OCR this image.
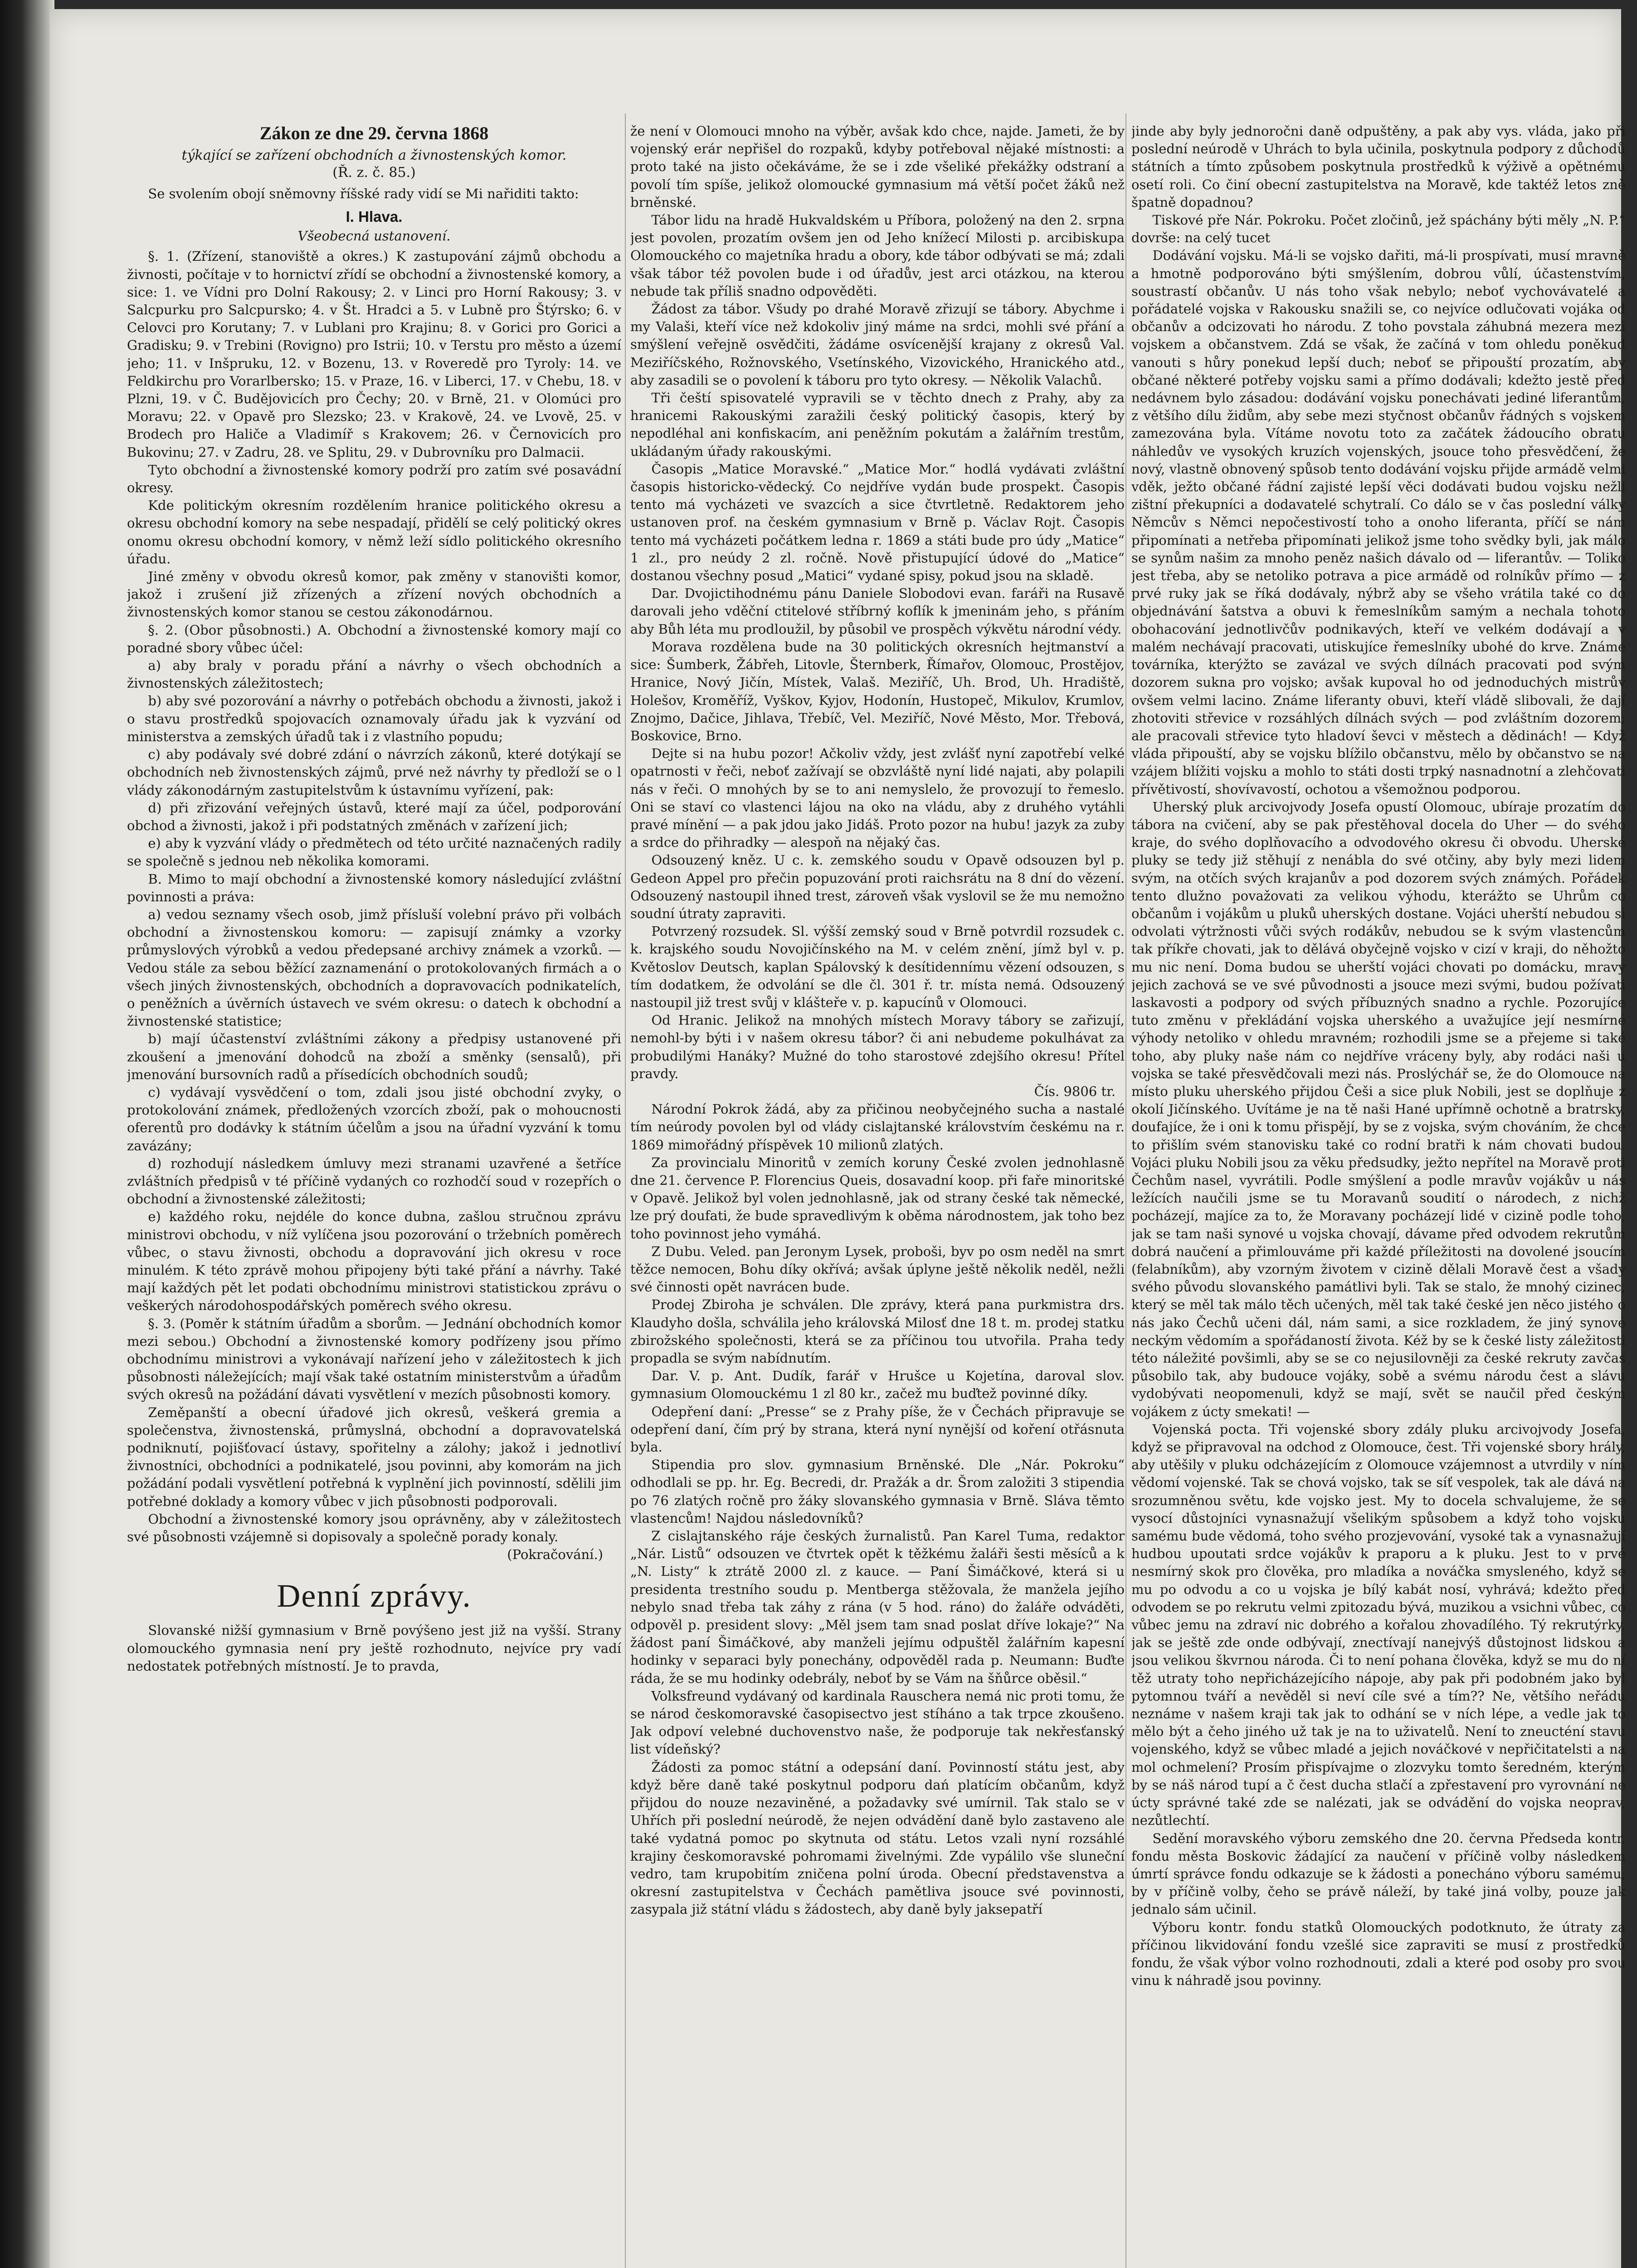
Zákon ze dne 29. června 1868
týkající se zařízení obchodních a živnostenských komor.
(Ř. z. č. 85.)

Se svolením obojí sněmovny říšské rady vidí se Mi nařiditi takto:

I. Hlava.
Všeobecná ustanovení.

§. 1. (Zřízení, stanoviště a okres.) K zastupování zájmů obchodu a živnosti, počítaje v to hornictví zřídí se obchodní a živnostenské komory, a sice: 1. ve Vídni pro Dolní Rakousy; 2. v Linci pro Horní Rakousy; 3. v Salcpurku pro Salcpursko; 4. v Št. Hradci a 5. v Lubně pro Štýrsko; 6. v Celovci pro Korutany; 7. v Lublani pro Krajinu; 8. v Gorici pro Gorici a Gradisku; 9. v Trebini (Rovigno) pro Istrii; 10. v Terstu pro město a území jeho; 11. v Inšpruku, 12. v Bozenu, 13. v Roveredě pro Tyroly: 14. ve Feldkirchu pro Vorarlbersko; 15. v Praze, 16. v Liberci, 17. v Chebu, 18. v Plzni, 19. v Č. Budějovicích pro Čechy; 20. v Brně, 21. v Olomúci pro Moravu; 22. v Opavě pro Slezsko; 23. v Krakově, 24. ve Lvově, 25. v Brodech pro Haliče a Vladimíř s Krakovem; 26. v Černovicích pro Bukovinu; 27. v Zadru, 28. ve Splitu, 29. v Dubrovníku pro Dalmacii.

Tyto obchodní a živnostenské komory podrží pro zatím své posavádní okresy.

Kde politickým okresním rozdělením hranice politického okresu a okresu obchodní komory na sebe nespadají, přidělí se celý politický okres onomu okresu obchodní komory, v němž leží sídlo politického okresního úřadu.

Jiné změny v obvodu okresů komor, pak změny v stanovišti komor, jakož i zrušení již zřízených a zřízení nových obchodních a živnostenských komor stanou se cestou zákonodárnou.

§. 2. (Obor působnosti.) A. Obchodní a živnostenské komory mají co poradné sbory vůbec účel:

a) aby braly v poradu přání a návrhy o všech obchodních a živnostenských záležitostech;

b) aby své pozorování a návrhy o potřebách obchodu a živnosti, jakož i o stavu prostředků spojovacích oznamovaly úřadu jak k vyzvání od ministerstva a zemských úřadů tak i z vlastního popudu;

c) aby podávaly své dobré zdání o návrzích zákonů, které dotýkají se obchodních neb živnostenských zájmů, prvé než návrhy ty předloží se o l vlády zákonodárným zastupitelstvům k ústavnímu vyřízení, pak:

d) při zřizování veřejných ústavů, které mají za účel, podporování obchod a živnosti, jakož i při podstatných změnách v zařízení jich;

e) aby k vyzvání vlády o předmětech od této určité naznačených radily se společně s jednou neb několika komorami.

B. Mimo to mají obchodní a živnostenské komory následující zvláštní povinnosti a práva:

a) vedou seznamy všech osob, jimž přísluší volební právo při volbách obchodní a živnostenskou komoru: — zapisují známky a vzorky průmyslových výrobků a vedou předepsané archivy známek a vzorků. — Vedou stále za sebou běžící zaznamenání o protokolovaných firmách a o všech jiných živnostenských, obchodních a dopravovacích podnikatelích, o peněžních a úvěrních ústavech ve svém okresu: o datech k obchodní a živnostenské statistice;

b) mají účastenství zvláštními zákony a předpisy ustanovené při zkoušení a jmenování dohodců na zboží a směnky (sensalů), při jmenování bursovních radů a přísedících obchodních soudů;

c) vydávají vysvědčení o tom, zdali jsou jisté obchodní zvyky, o protokolování známek, předložených vzorcích zboží, pak o mohoucnosti oferentů pro dodávky k státním účelům a jsou na úřadní vyzvání k tomu zavázány;

d) rozhodují následkem úmluvy mezi stranami uzavřené a šetříce zvláštních předpisů v té příčině vydaných co rozhodčí soud v rozepřích o obchodní a živnostenské záležitosti;

e) každého roku, nejdéle do konce dubna, zašlou stručnou zprávu ministrovi obchodu, v níž vylíčena jsou pozorování o tržebních poměrech vůbec, o stavu živnosti, obchodu a dopravování jich okresu v roce minulém. K této zprávě mohou připojeny býti také přání a návrhy. Také mají každých pět let podati obchodnímu ministrovi statistickou zprávu o veškerých národohospodářských poměrech svého okresu.

§. 3. (Poměr k státním úřadům a sborům. — Jednání obchodních komor mezi sebou.) Obchodní a živnostenské komory podřízeny jsou přímo obchodnímu ministrovi a vykonávají nařízení jeho v záležitostech k jich působnosti náležejících; mají však také ostatním ministerstvům a úřadům svých okresů na požádání dávati vysvětlení v mezích působnosti komory.

Zeměpanští a obecní úřadové jich okresů, veškerá gremia a společenstva, živnostenská, průmyslná, obchodní a dopravovatelská podniknutí, pojišťovací ústavy, spořitelny a zálohy; jakož i jednotliví živnostníci, obchodníci a podnikatelé, jsou povinni, aby komorám na jich požádání podali vysvětlení potřebná k vyplnění jich povinností, sdělili jim potřebné doklady a komory vůbec v jich působnosti podporovali.

Obchodní a živnostenské komory jsou oprávněny, aby v záležitostech své působnosti vzájemně si dopisovaly a společně porady konaly.

(Pokračování.)

Denní zprávy.

Slovanské nižší gymnasium v Brně povýšeno jest již na vyšší. Strany olomouckého gymnasia není pry ještě rozhodnuto, nejvíce pry vadí nedostatek potřebných místností. Je to pravda,

že není v Olomouci mnoho na výběr, avšak kdo chce, najde. Jameti, že by vojenský erár nepřišel do rozpaků, kdyby potřeboval nějaké místnosti: a proto také na jisto očekáváme, že se i zde všeliké překážky odstraní a povolí tím spíše, jelikož olomoucké gymnasium má větší počet žáků než brněnské.

Tábor lidu na hradě Hukvaldském u Příbora, položený na den 2. srpna jest povolen, prozatím ovšem jen od Jeho knížecí Milosti p. arcibiskupa Olomouckého co majetníka hradu a obory, kde tábor odbývati se má; zdali však tábor též povolen bude i od úřadův, jest arci otázkou, na kterou nebude tak příliš snadno odpověděti.

Žádost za tábor. Všudy po drahé Moravě zřizují se tábory. Abychme i my Valaši, kteří více než kdokoliv jiný máme na srdci, mohli své přání a smýšlení veřejně osvědčiti, žádáme osvícenější krajany z okresů Val. Meziříčského, Rožnovského, Vsetínského, Vizovického, Hranického atd., aby zasadili se o povolení k táboru pro tyto okresy. — Několik Valachů.

Tři čeští spisovatelé vypravili se v těchto dnech z Prahy, aby za hranicemi Rakouskými zaražili český politický časopis, který by nepodléhal ani konfiskacím, ani peněžním pokutám a žalářním trestům, ukládaným úřady rakouskými.

Časopis „Matice Moravské.“ „Matice Mor.“ hodlá vydávati zvláštní časopis historicko-vědecký. Co nejdříve vydán bude prospekt. Časopis tento má vycházeti ve svazcích a sice čtvrtletně. Redaktorem jeho ustanoven prof. na českém gymnasium v Brně p. Václav Rojt. Časopis tento má vycházeti počátkem ledna r. 1869 a státi bude pro údy „Matice“ 1 zl., pro neúdy 2 zl. ročně. Nově přistupující údové do „Matice“ dostanou všechny posud „Matici“ vydané spisy, pokud jsou na skladě.

Dar. Dvojictihodnému pánu Daniele Slobodovi evan. faráři na Rusavě darovali jeho vděční ctitelové stříbrný koflík k jmeninám jeho, s přáním aby Bůh léta mu prodloužil, by působil ve prospěch výkvětu národní védy.

Morava rozdělena bude na 30 politických okresních hejtmanství a sice: Šumberk, Žábřeh, Litovle, Šternberk, Římařov, Olomouc, Prostějov, Hranice, Nový Jičín, Místek, Valaš. Meziříč, Uh. Brod, Uh. Hradiště, Holešov, Kroměříž, Vyškov, Kyjov, Hodonín, Hustopeč, Mikulov, Krumlov, Znojmo, Dačice, Jihlava, Třebíč, Vel. Meziříč, Nové Město, Mor. Třebová, Boskovice, Brno.

Dejte si na hubu pozor! Ačkoliv vždy, jest zvlášť nyní zapotřebí velké opatrnosti v řeči, neboť zažívají se obzvláště nyní lidé najati, aby polapili nás v řeči. O mnohých by se to ani nemyslelo, že provozují to řemeslo. Oni se staví co vlastenci lájou na oko na vládu, aby z druhého vytáhli pravé mínění — a pak jdou jako Jidáš. Proto pozor na hubu! jazyk za zuby a srdce do přihradky — alespoň na nějaký čas.

Odsouzený kněz. U c. k. zemského soudu v Opavě odsouzen byl p. Gedeon Appel pro přečin popuzování proti raichsrátu na 8 dní do vězení. Odsouzený nastoupil ihned trest, zároveň však vyslovil se že mu nemožno soudní útraty zapraviti.

Potvrzený rozsudek. Sl. výšší zemský soud v Brně potvrdil rozsudek c. k. krajského soudu Novojičínského na M. v celém znění, jímž byl v. p. Květoslov Deutsch, kaplan Spálovský k desítidennímu vězení odsouzen, s tím dodatkem, že odvolání se dle čl. 301 ř. tr. místa nemá. Odsouzený nastoupil již trest svůj v klášteře v. p. kapucínů v Olomouci.

Od Hranic. Jelikož na mnohých místech Moravy tábory se zařizují, nemohl-by býti i v našem okresu tábor? či ani nebudeme pokulhávat za probudilými Hanáky? Mužné do toho starostové zdejšího okresu! Přítel pravdy.

Čís. 9806 tr.

Národní Pokrok žádá, aby za přičinou neobyčejného sucha a nastalé tím neúrody povolen byl od vlády cislajtanské královstvím českému na r. 1869 mimořádný příspěvek 10 milionů zlatých.

Za provincialu Minoritů v zemích koruny České zvolen jednohlasně dne 21. července P. Florencius Queis, dosavadní koop. při faře minoritské v Opavě. Jelikož byl volen jednohlasně, jak od strany české tak německé, lze prý doufati, že bude spravedlivým k oběma národnostem, jak toho bez toho povinnost jeho vymáhá.

Z Dubu. Veled. pan Jeronym Lysek, proboši, byv po osm neděl na smrt těžce nemocen, Bohu díky okřívá; avšak úplyne ještě několik neděl, nežli své činnosti opět navrácen bude.

Prodej Zbiroha je schválen. Dle zprávy, která pana purkmistra drs. Klaudyho došla, schválila jeho královská Milosť dne 18 t. m. prodej statku zbirožského společnosti, která se za příčinou tou utvořila. Praha tedy propadla se svým nabídnutím.

Dar. V. p. Ant. Dudík, farář v Hrušce u Kojetína, daroval slov. gymnasium Olomouckému 1 zl 80 kr., začež mu buďtež povinné díky.

Odepření daní: „Presse“ se z Prahy píše, že v Čechách připravuje se odepření daní, čím prý by strana, která nyní nynější od koření otřásnuta byla.

Stipendia pro slov. gymnasium Brněnské. Dle „Nár. Pokroku“ odhodlali se pp. hr. Eg. Becredi, dr. Pražák a dr. Šrom založiti 3 stipendia po 76 zlatých ročně pro žáky slovanského gymnasia v Brně. Sláva těmto vlastencům! Najdou následovníků?

Z cislajtanského ráje českých žurnalistů. Pan Karel Tuma, redaktor „Nár. Listů“ odsouzen ve čtvrtek opět k těžkému žaláři šesti měsíců a k „N. Listy“ k ztrátě 2000 zl. z kauce. — Paní Šimáčkové, která si u presidenta trestního soudu p. Mentberga stěžovala, že manžela jejího nebylo snad třeba tak záhy z rána (v 5 hod. ráno) do žaláře odváděti, odpověl p. president slovy: „Měl jsem tam snad poslat dříve lokaje?“ Na žádost paní Šimáčkové, aby manželi jejímu odpuštěl žalářním kapesní hodinky v separaci byly ponechány, odpověděl rada p. Neumann: Buďte ráda, že se mu hodinky odebrály, neboť by se Vám na šňůrce oběsil.“

Volksfreund vydávaný od kardinala Rauschera nemá nic proti tomu, že se národ českomoravské časopisectvo jest stíháno a tak trpce zkoušeno. Jak odpoví velebné duchovenstvo naše, že podporuje tak nekřesťanský list vídeňský?

Žádosti za pomoc státní a odepsání daní. Povinností státu jest, aby když běre daně také poskytnul podporu dań platícím občanům, když přijdou do nouze nezaviněné, a požadavky své umírnil. Tak stalo se v Uhřích při poslední neúrodě, že nejen odvádění daně bylo zastaveno ale také vydatná pomoc po skytnuta od státu. Letos vzali nyní rozsáhlé krajiny českomoravské pohromami živelnými. Zde vypálilo vše sluneční vedro, tam krupobitím zničena polní úroda. Obecní představenstva a okresní zastupitelstva v Čechách pamětliva jsouce své povinnosti, zasypala již státní vládu s žádostech, aby daně byly jaksepatří

jinde aby byly jednoročni daně odpuštěny, a pak aby vys. vláda, jako při poslední neúrodě v Uhrách to byla učinila, poskytnula podpory z důchodů státních a tímto způsobem poskytnula prostředků k výživě a opětnému osetí roli. Co činí obecní zastupitelstva na Moravě, kde taktéž letos zně špatně dopadnou?

Tiskové pře Nár. Pokroku. Počet zločinů, jež spáchány býti měly „N. P.“ dovrše: na celý tucet

Dodávání vojsku. Má-li se vojsko dařiti, má-li prospívati, musí mravně a hmotně podporováno býti smýšlením, dobrou vůlí, účastenstvím, soustrastí občanův. U nás toho však nebylo; neboť vychovávatelé a pořádatelé vojska v Rakousku snažili se, co nejvíce odlučovati vojáka od občanův a odcizovati ho národu. Z toho povstala záhubná mezera mezi vojskem a občanstvem. Zdá se však, že začíná v tom ohledu poněkud vanouti s hůry ponekud lepší duch; neboť se připouští prozatím, aby občané některé potřeby vojsku sami a přímo dodávali; kdežto jestě před nedávnem bylo zásadou: dodávání vojsku ponechávati jediné liferantům, z většího dílu židům, aby sebe mezi styčnost občanův řádných s vojskem zamezována byla. Vítáme novotu toto za začátek žádoucího obratu náhledův ve vysokých kruzích vojenských, jsouce toho přesvědčení, že nový, vlastně obnovený spůsob tento dodávání vojsku přijde armádě velmi vděk, ježto občané řádní zajisté lepší věci dodávati budou vojsku nežli zištní překupníci a dodavatelé schytralí. Co dálo se v čas poslední války Němcův s Němci nepočestivostí toho a onoho liferanta, příčí se nám připomínati a netřeba připomínati jelikož jsme toho svědky byli, jak málo se synům našim za mnoho peněz našich dávalo od — liferantův. — Toliko jest třeba, aby se netoliko potrava a pice armádě od rolníkův přímo — z prvé ruky jak se říká dodávaly, nýbrž aby se všeho vrátila také co do objednávání šatstva a obuvi k řemeslníkům samým a nechala tohoto obohacování jednotlivčův podnikavých, kteří ve velkém dodávají a v malém nechávají pracovati, utiskujíce řemeslníky ubohé do krve. Známe továrníka, kterýžto se zavázal ve svých dílnách pracovati pod svým dozorem sukna pro vojsko; avšak kupoval ho od jednoduchých mistrův ovšem velmi lacino. Známe liferanty obuvi, kteří vládě slibovali, že dají zhotoviti střevice v rozsáhlých dílnách svých — pod zvláštním dozorem; ale pracovali střevice tyto hladoví ševci v městech a dědinách! — Když vláda připouští, aby se vojsku blížilo občanstvu, mělo by občanstvo se na vzájem blížiti vojsku a mohlo to státi dosti trpký nasnadnotní a zlehčovati přívětivostí, shovívavostí, ochotou a všemožnou podporou.

Uherský pluk arcivojvody Josefa opustí Olomouc, ubíraje prozatím do tábora na cvičení, aby se pak přestěhoval docela do Uher — do svého kraje, do svého doplňovacího a odvodového okresu či obvodu. Uherské pluky se tedy již stěhují z nenábla do své otčiny, aby byly mezi lidem svým, na otčích svých krajanův a pod dozorem svých známých. Pořádek tento dlužno považovati za velikou výhodu, kterážto se Uhrům co občanům i vojákům u pluků uherských dostane. Vojáci uherští nebudou si odvolati výtržnosti vůči svých rodákův, nebudou se k svým vlastencům tak příkře chovati, jak to dělává obyčejně vojsko v cizí v kraji, do něhožto mu nic není. Doma budou se uherští vojáci chovati po domácku, mravy jejich zachová se ve své původnosti a jsouce mezi svými, budou požívati laskavosti a podpory od svých příbuzných snadno a rychle. Pozorujíce tuto změnu v překládání vojska uherského a uvažujíce její nesmírné výhody netoliko v ohledu mravném; rozhodili jsme se a přejeme si také toho, aby pluky naše nám co nejdříve vráceny byly, aby rodáci naši u vojska se také přesvědčovali mezi nás. Proslýchář se, že do Olomouce na místo pluku uherského přijdou Češi a sice pluk Nobili, jest se doplňuje z okolí Jičínského. Uvítáme je na tě naši Hané upřímně ochotně a bratrsky, doufajíce, že i oni k tomu přispějí, by se z vojska, svým chováním, že chce to přišlím svém stanovisku také co rodní bratři k nám chovati budou. Vojáci pluku Nobili jsou za věku předsudky, ježto nepřítel na Moravě proti Čechům nasel, vyvrátili. Podle smýšlení a podle mravův vojákův u nás ležících naučili jsme se tu Moravanů soudití o národech, z nichž pocházejí, majíce za to, že Moravany pocházejí lidé v cizině podle toho, jak se tam naši synové u vojska chovají, dávame před odvodem rekrutům dobrá naučení a přimlouváme při každé příležitosti na dovolené jsoucím (felabníkům), aby vzorným životem v cizině dělali Moravě čest a všady svého původu slovanského památlivi byli. Tak se stalo, že mnohý cizinec, který se měl tak málo těch učených, měl tak také české jen něco jistého o nás jako Čechů učeni dál, nám sami, a sice rozkladem, že jiný synové neckým vědomím a spořádaností života. Kéž by se k české listy záležitosti této náležité povšimli, aby se se co nejusilovněji za české rekruty zavčas působilo tak, aby budouce vojáky, sobě a svému národu čest a slávu vydobývati neopomenuli, když se mají, svět se naučil před českým vojákem z úcty smekati! —

Vojenská pocta. Tři vojenské sbory zdály pluku arcivojvody Josefa, když se připravoval na odchod z Olomouce, čest. Tři vojenské sbory hrály, aby utěšily v pluku odcházejícím z Olomouce vzájemnost a utvrdily v ním vědomí vojenské. Tak se chová vojsko, tak se síť vespolek, tak ale dává na srozumněnou světu, kde vojsko jest. My to docela schvalujeme, že se vysocí důstojníci vynasnažují všelikým spůsobem a když toho vojsku samému bude vědomá, toho svého prozjevování, vysoké tak a vynasnažují hudbou upoutati srdce vojákův k praporu a k pluku. Jest to v prvé nesmírný skok pro člověka, pro mladíka a nováčka smysleného, když se mu po odvodu a co u vojska je bílý kabát nosí, vyhrává; kdežto před odvodem se po rekrutu velmi zpitozadu bývá, muzikou a vsichni vůbec, co vůbec jemu na zdraví nic dobrého a kořalou zhovadílého. Tý rekrutýrky, jak se ještě zde onde odbývají, znectívají nanejvýš důstojnost lidskou a jsou velikou škvrnou národa. Či to není pohana člověka, když se mu do ní těž utraty toho nepřicházejícího nápoje, aby pak při podobném jako byl pytomnou tváří a nevěděl si neví cíle své a tím?? Ne, většího neřádu neznáme v našem kraji tak jak to odhání se v ních lépe, a vedle jak to mělo být a čeho jiného už tak je na to uživatelů. Není to zneucténí stavu vojenského, když se vůbec mladé a jejich nováčkové v nepřičitatelsti a na mol ochmelení? Prosím přispívajme o zlozvyku tomto šeredném, kterým by se náš národ tupí a č čest ducha stlačí a zpřestavení pro vyrovnání ne úcty správné také zde se nalézati, jak se odvádění do vojska neoprav, nezůtlechtí.

Sedění moravského výboru zemského dne 20. června Předseda kontr. fondu města Boskovic žádající za naučení v příčině volby následkem úmrtí správce fondu odkazuje se k žádosti a ponecháno výboru samému, by v příčině volby, čeho se právě náleží, by také jiná volby, pouze jak jednalo sám učinil.

Výboru kontr. fondu statků Olomouckých podotknuto, že útraty za příčinou likvidování fondu vzešlé sice zapraviti se musí z prostředků fondu, že však výbor volno rozhodnouti, zdali a které pod osoby pro svou vinu k náhradě jsou povinny.
